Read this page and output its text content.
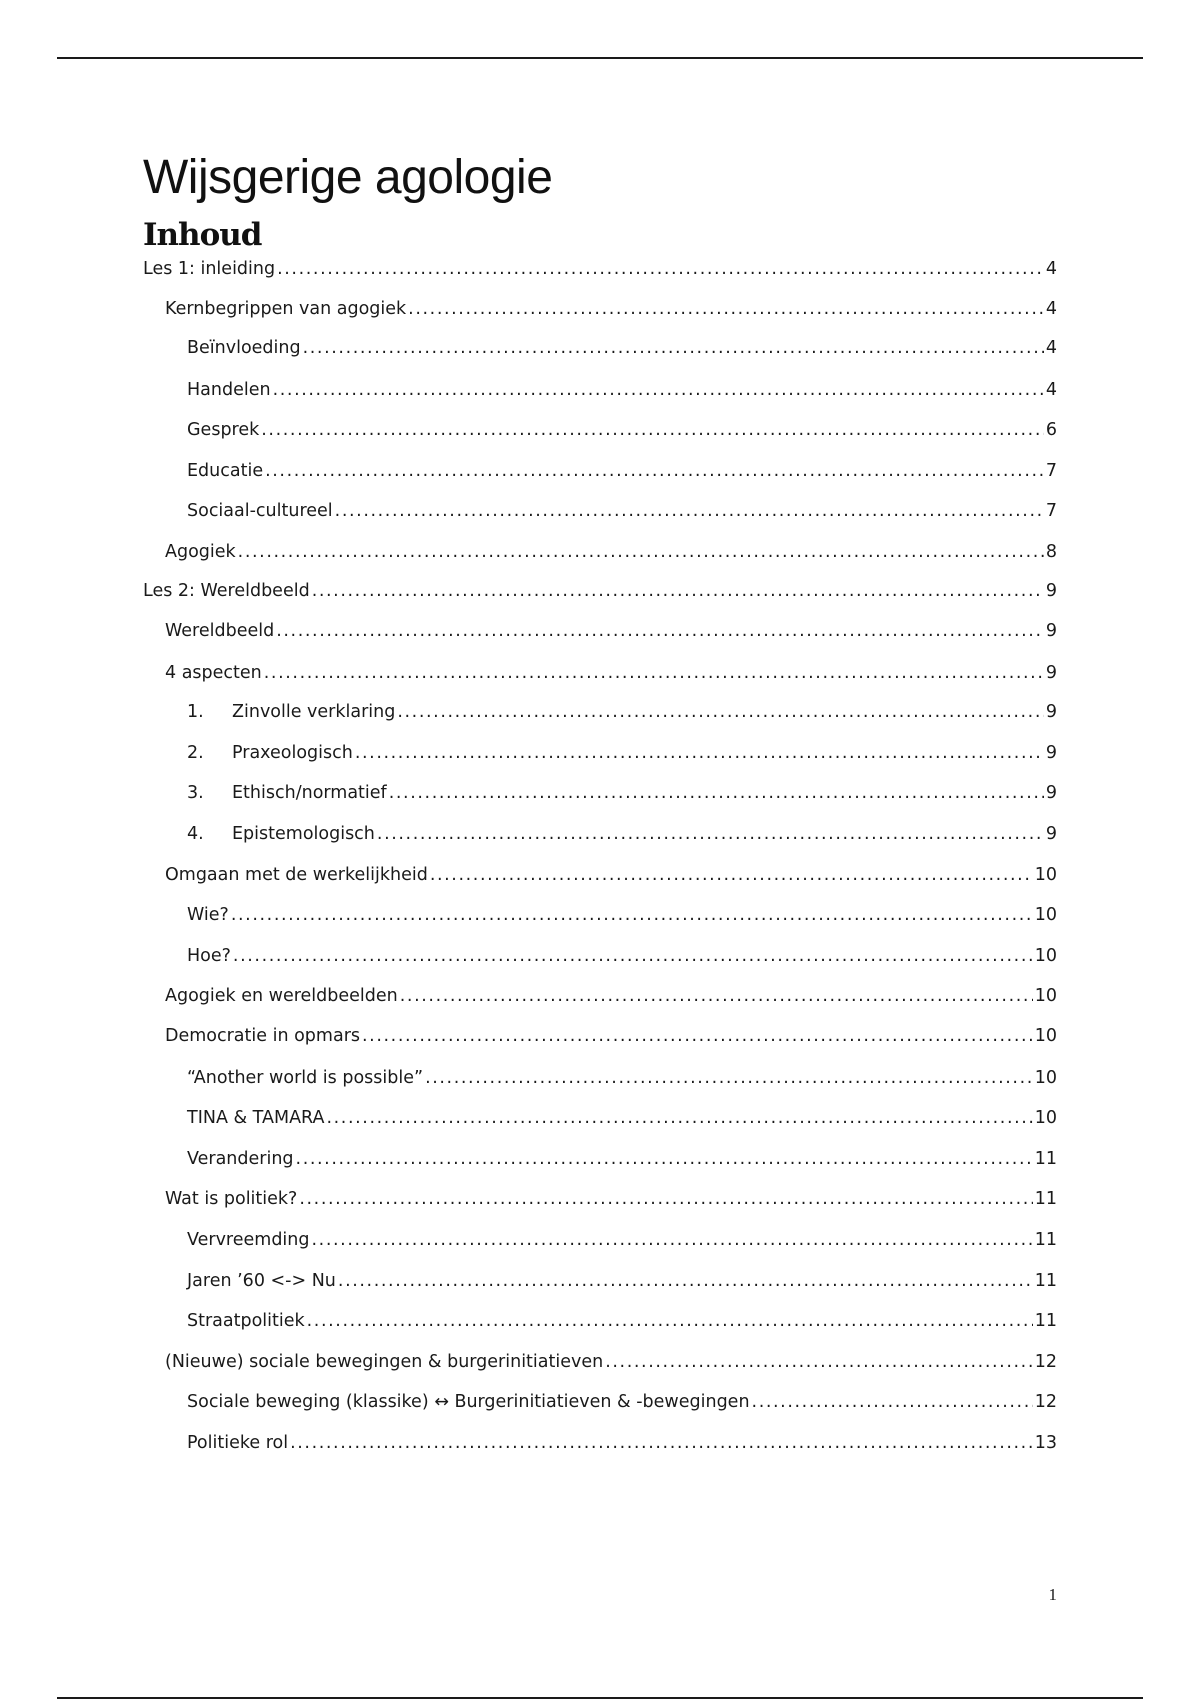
Wijsgerige agologie
Inhoud
Les 1: inleiding .....	4
Kernbegrippen van agogiek .....	4
Beïnvloeding .....	4
Handelen .....	4
Gesprek .....	6
Educatie .....	7
Sociaal-cultureel .....	7
Agogiek .....	8
Les 2: Wereldbeeld .....	9
Wereldbeeld .....	9
4 aspecten .....	9
1. Zinvolle verklaring .....	9
2. Praxeologisch .....	9
3. Ethisch/normatief .....	9
4. Epistemologisch .....	9
Omgaan met de werkelijkheid .....	10
Wie? .....	10
Hoe? .....	10
Agogiek en wereldbeelden .....	10
Democratie in opmars .....	10
“Another world is possible” .....	10
TINA & TAMARA .....	10
Verandering .....	11
Wat is politiek? .....	11
Vervreemding .....	11
Jaren ’60 <-> Nu .....	11
Straatpolitiek .....	11
(Nieuwe) sociale bewegingen & burgerinitiatieven .....	12
Sociale beweging (klassike) ↔ Burgerinitiatieven & -bewegingen .....	12
Politieke rol .....	13
1
